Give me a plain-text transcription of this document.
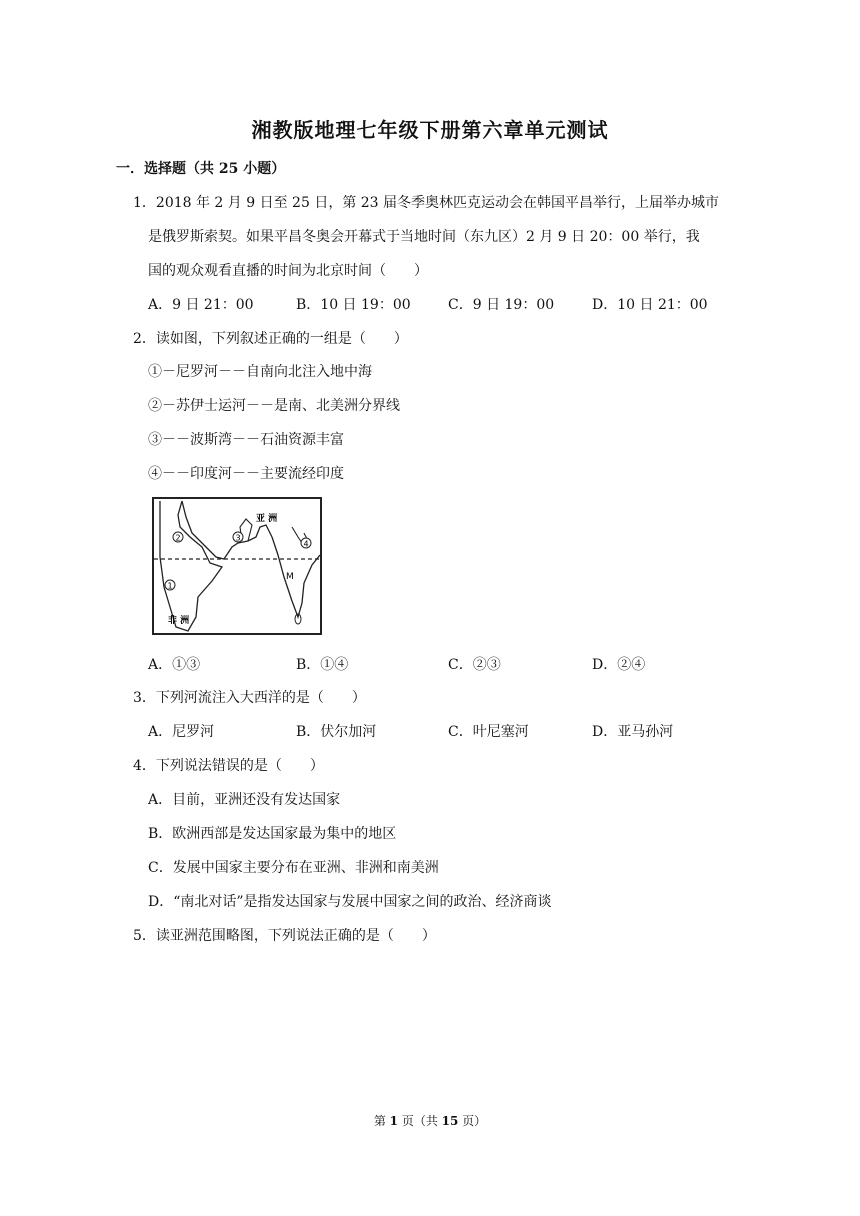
湘教版地理七年级下册第六章单元测试
一．选择题（共 25 小题）
1．2018 年 2 月 9 日至 25 日，第 23 届冬季奥林匹克运动会在韩国平昌举行，上届举办城市
是俄罗斯索契。如果平昌冬奥会开幕式于当地时间（东九区）2 月 9 日 20：00 举行，我
国的观众观看直播的时间为北京时间（　　）
A．9 日 21：00	B．10 日 19：00	C．9 日 19：00	D．10 日 21：00
2．读如图，下列叙述正确的一组是（　　）
①－尼罗河－－自南向北注入地中海
②－苏伊士运河－－是南、北美洲分界线
③－－波斯湾－－石油资源丰富
④－－印度河－－主要流经印度
2	3
4
1
亚 洲
非 洲
M
A．①③	B．①④	C．②③	D．②④
3．下列河流注入大西洋的是（　　）
A．尼罗河	B．伏尔加河	C．叶尼塞河	D．亚马孙河
4．下列说法错误的是（　　）
A．目前，亚洲还没有发达国家
B．欧洲西部是发达国家最为集中的地区
C．发展中国家主要分布在亚洲、非洲和南美洲
D．“南北对话”是指发达国家与发展中国家之间的政治、经济商谈
5．读亚洲范围略图，下列说法正确的是（　　）
第 1 页（共 15 页）
